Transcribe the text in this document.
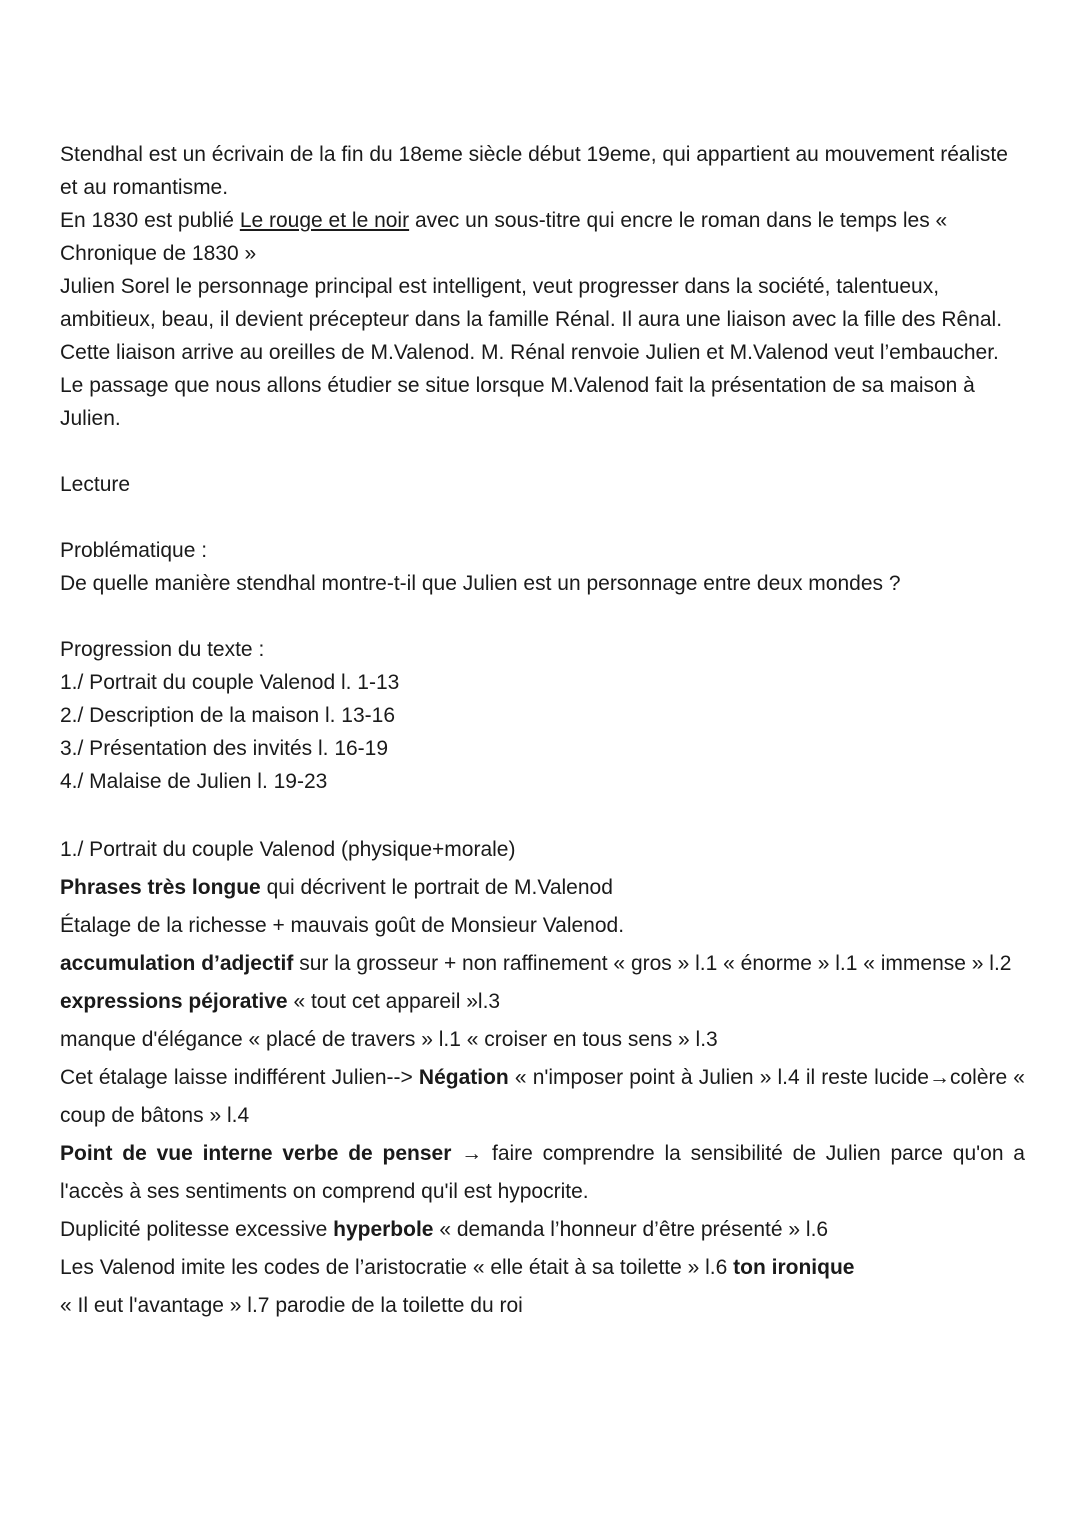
Stendhal est un écrivain de la fin du 18eme siècle début 19eme, qui appartient au mouvement réaliste et au romantisme.

En 1830 est publié Le rouge et le noir avec un sous-titre qui encre le roman dans le temps les « Chronique de 1830 »

Julien Sorel le personnage principal est intelligent, veut progresser dans la société, talentueux, ambitieux, beau, il devient précepteur dans la famille Rénal. Il aura une liaison avec la fille des Rênal. Cette liaison arrive au oreilles de M.Valenod. M. Rénal renvoie Julien et M.Valenod veut l’embaucher.

Le passage que nous allons étudier se situe lorsque M.Valenod fait la présentation de sa maison à Julien.

Lecture

Problématique :

De quelle manière stendhal montre-t-il que Julien est un personnage entre deux mondes ?

Progression du texte :

1./ Portrait du couple Valenod l. 1-13

2./ Description de la maison l. 13-16

3./ Présentation des invités l. 16-19

4./ Malaise de Julien l. 19-23

1./ Portrait du couple Valenod (physique+morale)

Phrases très longue qui décrivent le portrait de M.Valenod

Étalage de la richesse + mauvais goût de Monsieur Valenod.

accumulation d’adjectif sur la grosseur + non raffinement « gros » l.1 « énorme » l.1 « immense » l.2

expressions péjorative « tout cet appareil »l.3

manque d'élégance « placé de travers » l.1 « croiser en tous sens » l.3

Cet étalage laisse indifférent Julien--> Négation « n'imposer point à Julien » l.4 il reste lucide→colère « coup de bâtons » l.4

Point de vue interne verbe de penser → faire comprendre la sensibilité de Julien parce qu'on a l'accès à ses sentiments on comprend qu'il est hypocrite.

Duplicité politesse excessive hyperbole « demanda l’honneur d’être présenté » l.6

Les Valenod imite les codes de l’aristocratie « elle était à sa toilette » l.6 ton ironique

« Il eut l'avantage » l.7 parodie de la toilette du roi
